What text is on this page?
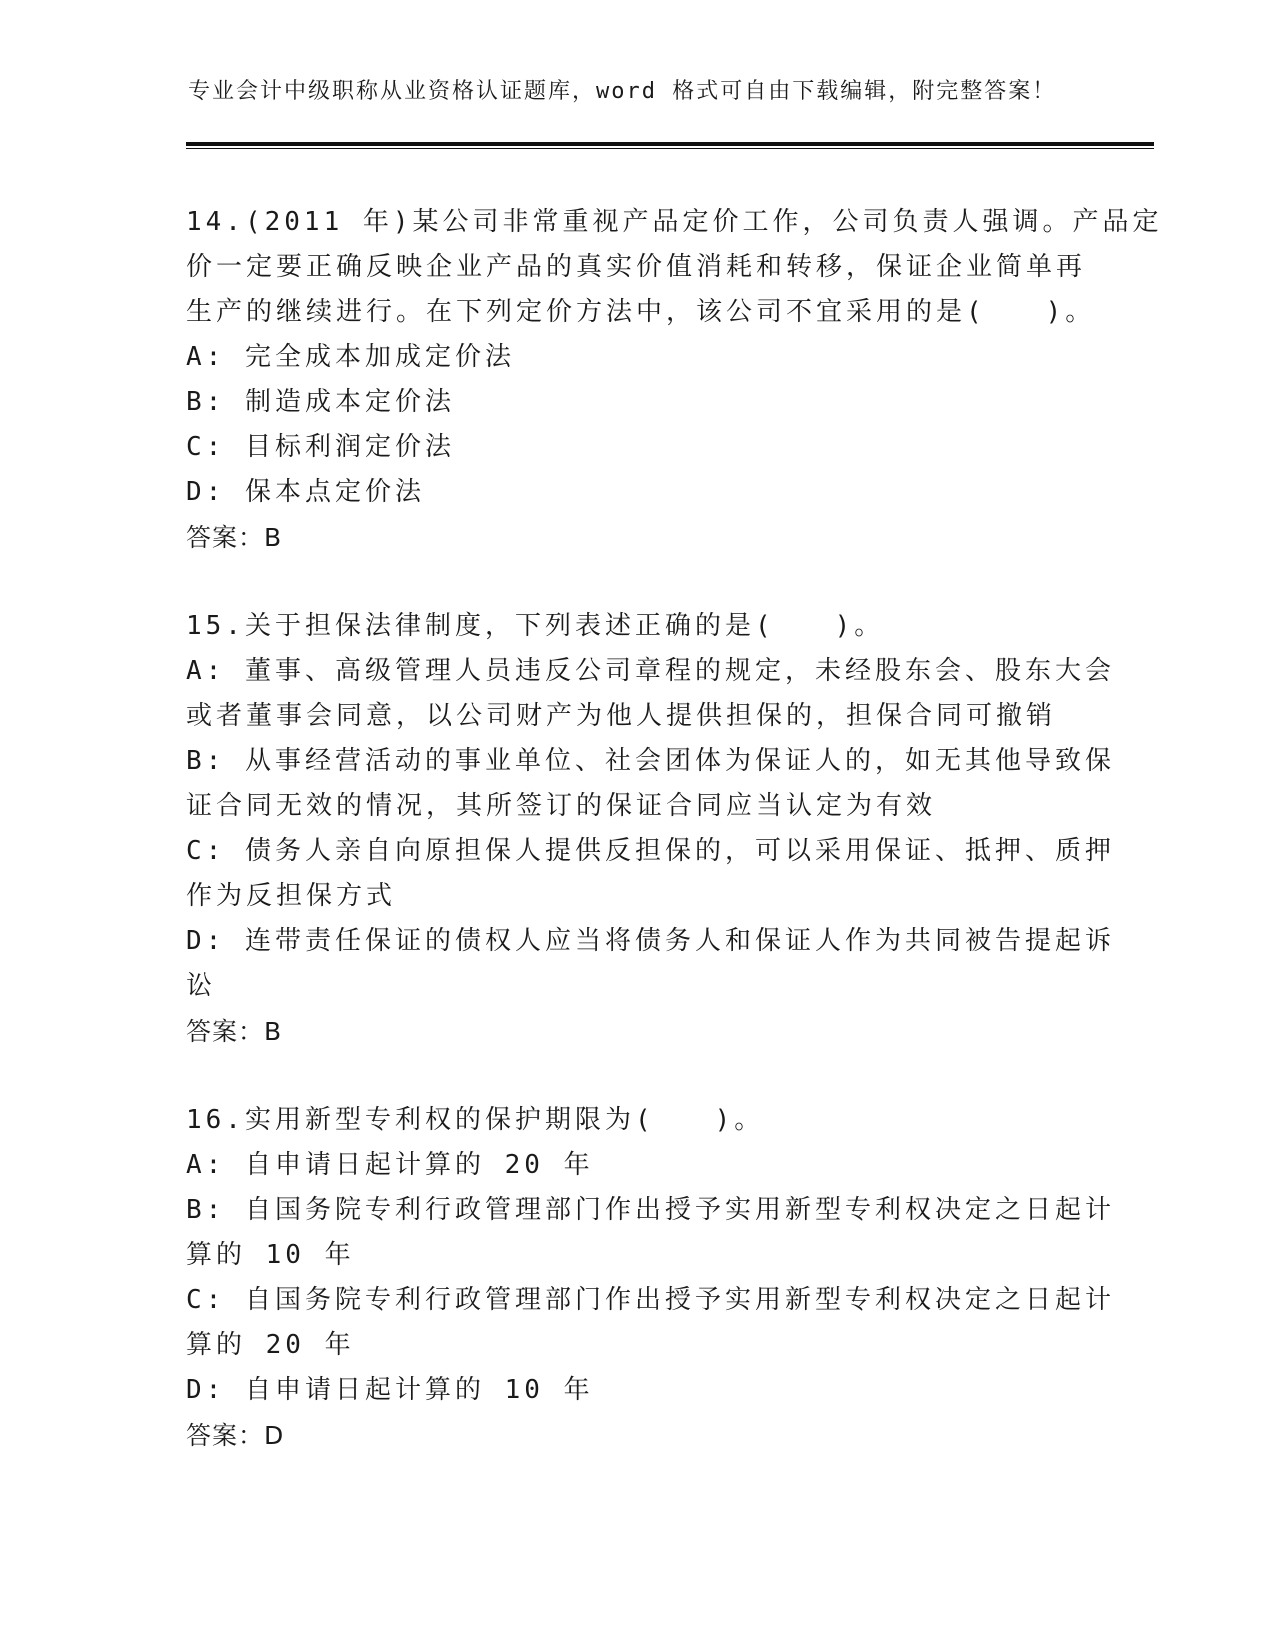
专业会计中级职称从业资格认证题库，word 格式可自由下载编辑，附完整答案！
14.(2011 年)某公司非常重视产品定价工作，公司负责人强调。产品定
价一定要正确反映企业产品的真实价值消耗和转移，保证企业简单再
生产的继续进行。在下列定价方法中，该公司不宜采用的是(　　)。
A: 完全成本加成定价法
B: 制造成本定价法
C: 目标利润定价法
D: 保本点定价法
答案：B
15.关于担保法律制度，下列表述正确的是(　　)。
A: 董事、高级管理人员违反公司章程的规定，未经股东会、股东大会
或者董事会同意，以公司财产为他人提供担保的，担保合同可撤销
B: 从事经营活动的事业单位、社会团体为保证人的，如无其他导致保
证合同无效的情况，其所签订的保证合同应当认定为有效
C: 债务人亲自向原担保人提供反担保的，可以采用保证、抵押、质押
作为反担保方式
D: 连带责任保证的债权人应当将债务人和保证人作为共同被告提起诉
讼
答案：B
16.实用新型专利权的保护期限为(　　)。
A: 自申请日起计算的 20 年
B: 自国务院专利行政管理部门作出授予实用新型专利权决定之日起计
算的 10 年
C: 自国务院专利行政管理部门作出授予实用新型专利权决定之日起计
算的 20 年
D: 自申请日起计算的 10 年
答案：D
